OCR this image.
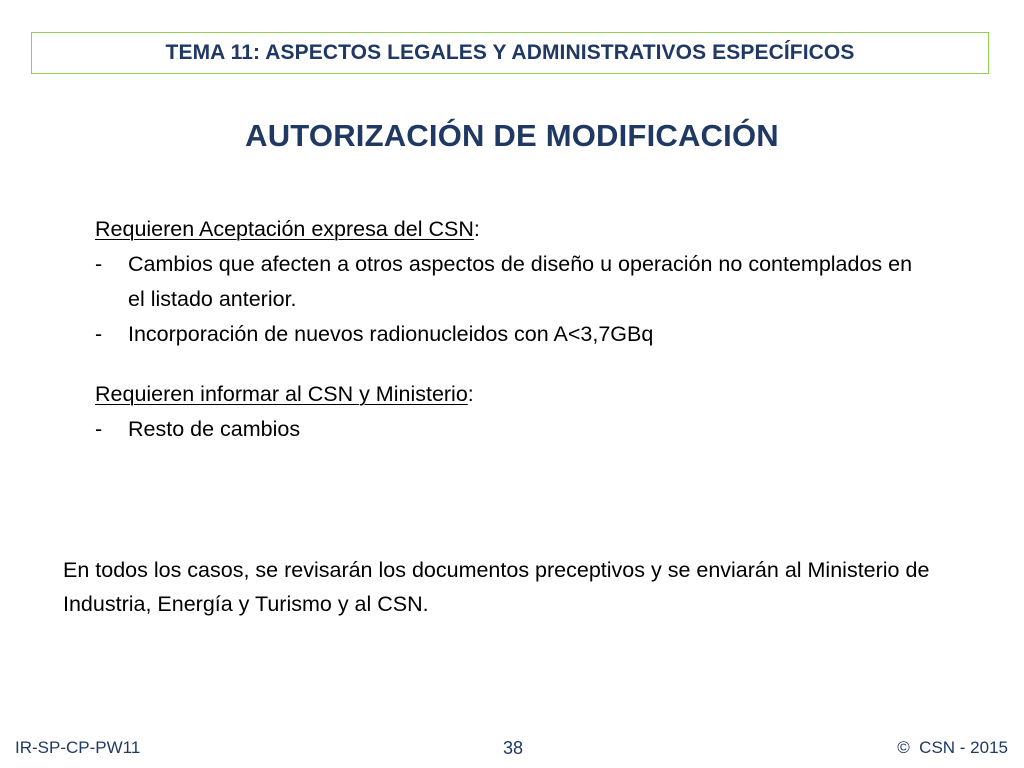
TEMA 11: ASPECTOS LEGALES Y ADMINISTRATIVOS ESPECÍFICOS
AUTORIZACIÓN DE MODIFICACIÓN
Requieren Aceptación expresa del CSN:
- Cambios que afecten a otros aspectos de diseño u operación no contemplados en el listado anterior.
- Incorporación de nuevos radionucleidos con A<3,7GBq
Requieren informar al CSN y Ministerio:
- Resto de cambios
En todos los casos, se revisarán los documentos preceptivos y se enviarán al Ministerio de Industria, Energía y Turismo y al CSN.
IR-SP-CP-PW11	38	©  CSN - 2015
